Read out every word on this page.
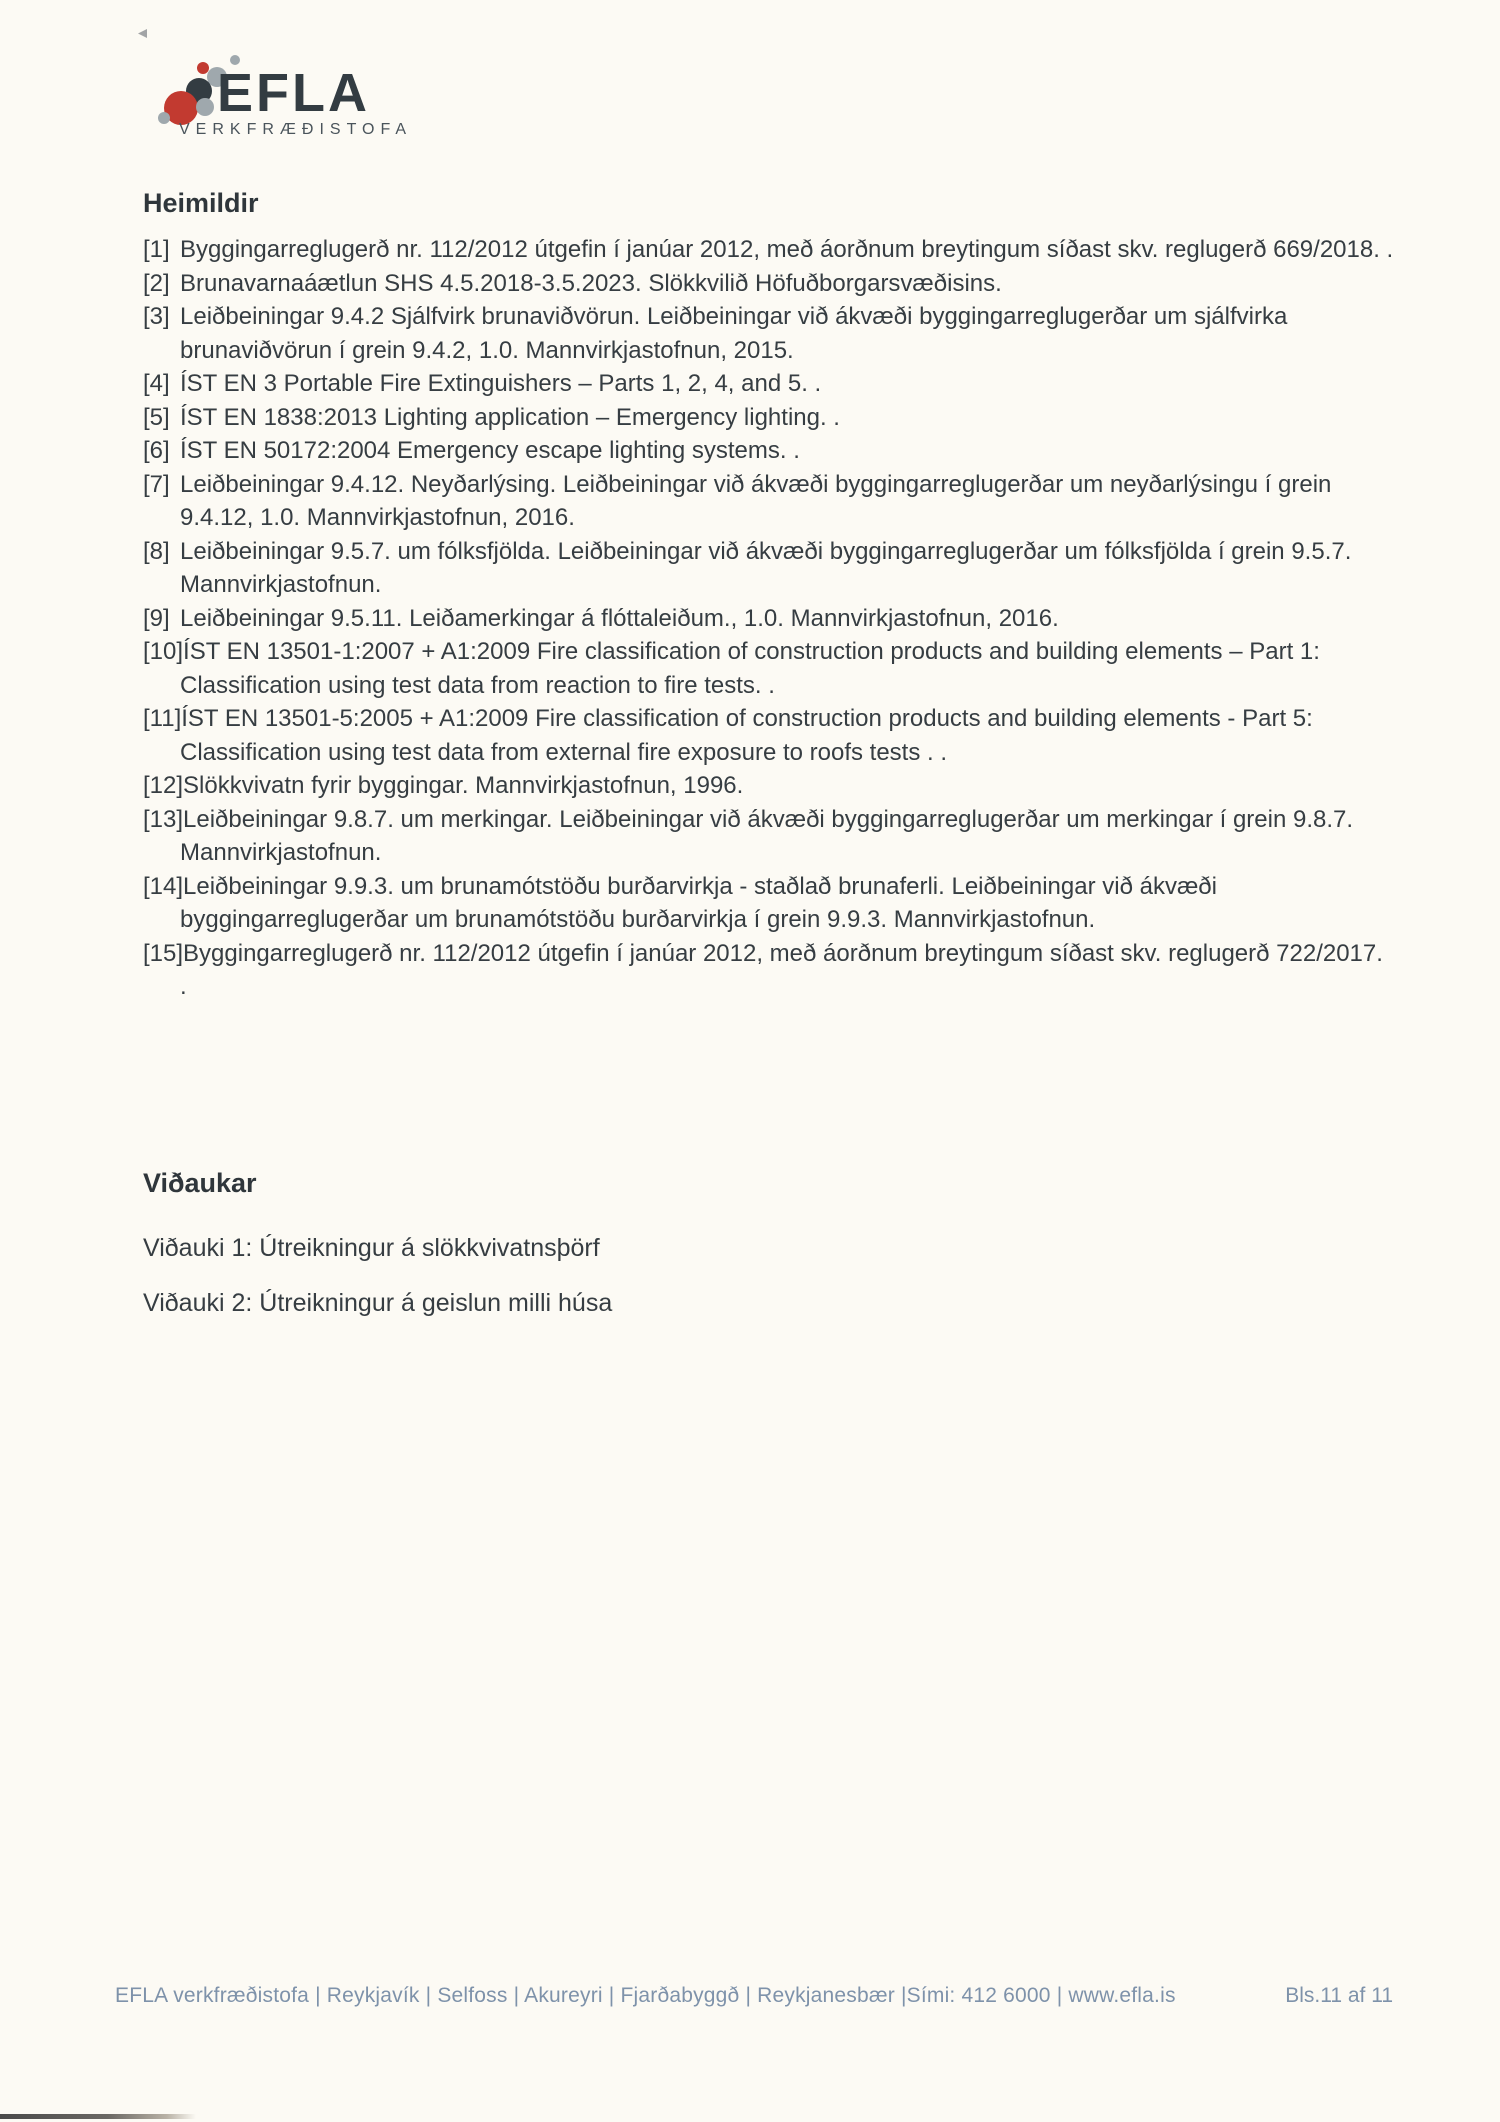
EFLA
VERKFRÆÐISTOFA
Heimildir
[1] Byggingarreglugerð nr. 112/2012 útgefin í janúar 2012, með áorðnum breytingum síðast skv. reglugerð 669/2018. .
[2] Brunavarnaáætlun SHS 4.5.2018-3.5.2023. Slökkvilið Höfuðborgarsvæðisins.
[3] Leiðbeiningar 9.4.2 Sjálfvirk brunaviðvörun. Leiðbeiningar við ákvæði byggingarreglugerðar um sjálfvirka brunaviðvörun í grein 9.4.2, 1.0. Mannvirkjastofnun, 2015.
[4] ÍST EN 3 Portable Fire Extinguishers – Parts 1, 2, 4, and 5. .
[5] ÍST EN 1838:2013 Lighting application – Emergency lighting. .
[6] ÍST EN 50172:2004 Emergency escape lighting systems. .
[7] Leiðbeiningar 9.4.12. Neyðarlýsing. Leiðbeiningar við ákvæði byggingarreglugerðar um neyðarlýsingu í grein 9.4.12, 1.0. Mannvirkjastofnun, 2016.
[8] Leiðbeiningar 9.5.7. um fólksfjölda. Leiðbeiningar við ákvæði byggingarreglugerðar um fólksfjölda í grein 9.5.7. Mannvirkjastofnun.
[9] Leiðbeiningar 9.5.11. Leiðamerkingar á flóttaleiðum., 1.0. Mannvirkjastofnun, 2016.
[10]ÍST EN 13501-1:2007 + A1:2009 Fire classification of construction products and building elements – Part 1: Classification using test data from reaction to fire tests. .
[11]ÍST EN 13501-5:2005 + A1:2009 Fire classification of construction products and building elements - Part 5: Classification using test data from external fire exposure to roofs tests . .
[12]Slökkvivatn fyrir byggingar. Mannvirkjastofnun, 1996.
[13]Leiðbeiningar 9.8.7. um merkingar. Leiðbeiningar við ákvæði byggingarreglugerðar um merkingar í grein 9.8.7. Mannvirkjastofnun.
[14]Leiðbeiningar 9.9.3. um brunamótstöðu burðarvirkja - staðlað brunaferli. Leiðbeiningar við ákvæði byggingarreglugerðar um brunamótstöðu burðarvirkja í grein 9.9.3. Mannvirkjastofnun.
[15]Byggingarreglugerð nr. 112/2012 útgefin í janúar 2012, með áorðnum breytingum síðast skv. reglugerð 722/2017. .
Viðaukar
Viðauki 1: Útreikningur á slökkvivatnsþörf
Viðauki 2: Útreikningur á geislun milli húsa
EFLA verkfræðistofa | Reykjavík | Selfoss | Akureyri | Fjarðabyggð | Reykjanesbær |Sími: 412 6000 | www.efla.is	Bls.11 af 11
